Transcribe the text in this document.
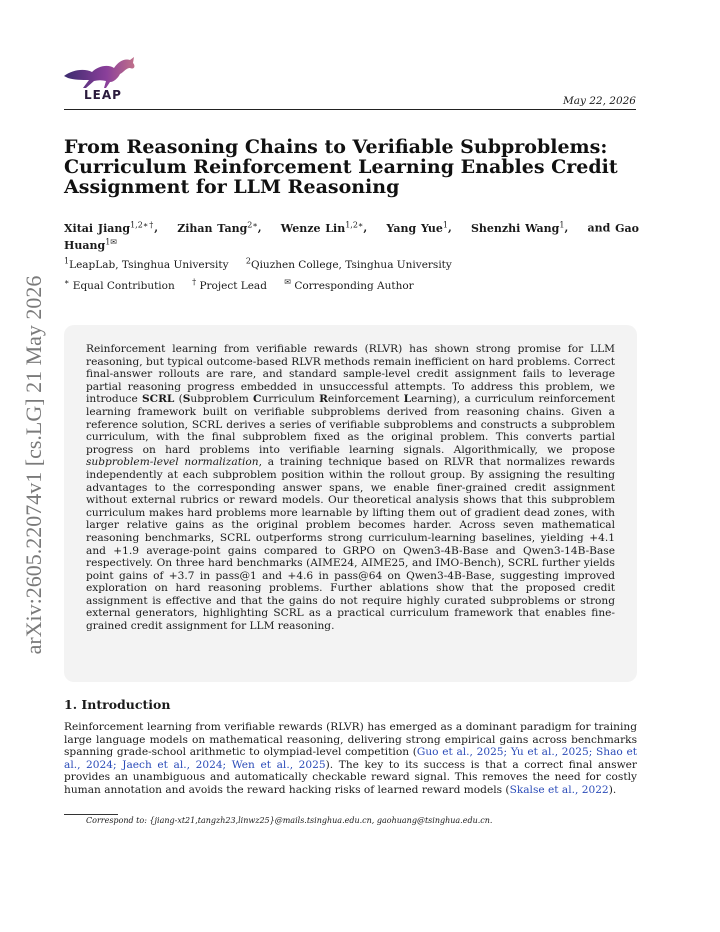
LEAP	May 22, 2026
arXiv:2605.22074v1 [cs.LG] 21 May 2026
From Reasoning Chains to Verifiable Subproblems: Curriculum Reinforcement Learning Enables Credit Assignment for LLM Reasoning
Xitai Jiang$^{1,2∗\dagger}$,    Zihan Tang$^{2∗}$,    Wenze Lin$^{1,2∗}$,    Yang Yue$^1$,    Shenzhi Wang$^1$,    and Gao Huang$^{1✉}$
$^1$LeapLab, Tsinghua University $^2$Qiuzhen College, Tsinghua University
∗ Equal Contribution † Project Lead ✉ Corresponding Author

Reinforcement learning from verifiable rewards (RLVR) has shown strong promise for LLM reasoning, but typical outcome-based RLVR methods remain inefficient on hard problems. Correct final-answer rollouts are rare, and standard sample-level credit assignment fails to leverage partial reasoning progress embedded in unsuccessful attempts. To address this problem, we introduce SCRL (Subproblem Curriculum Reinforcement Learning), a curriculum reinforcement learning framework built on verifiable subproblems derived from reasoning chains. Given a reference solution, SCRL derives a series of verifiable subproblems and constructs a subproblem curriculum, with the final subproblem fixed as the original problem. This converts partial progress on hard problems into verifiable learning signals. Algorithmically, we propose subproblem-level normalization, a training technique based on RLVR that normalizes rewards independently at each subproblem position within the rollout group. By assigning the resulting advantages to the corresponding answer spans, we enable finer-grained credit assignment without external rubrics or reward models. Our theoretical analysis shows that this subproblem curriculum makes hard problems more learnable by lifting them out of gradient dead zones, with larger relative gains as the original problem becomes harder. Across seven mathematical reasoning benchmarks, SCRL outperforms strong curriculum-learning baselines, yielding +4.1 and +1.9 average-point gains compared to GRPO on Qwen3-4B-Base and Qwen3-14B-Base respectively. On three hard benchmarks (AIME24, AIME25, and IMO-Bench), SCRL further yields point gains of +3.7 in pass@1 and +4.6 in pass@64 on Qwen3-4B-Base, suggesting improved exploration on hard reasoning problems. Further ablations show that the proposed credit assignment is effective and that the gains do not require highly curated subproblems or strong external generators, highlighting SCRL as a practical curriculum framework that enables fine-grained credit assignment for LLM reasoning.

1. Introduction

Reinforcement learning from verifiable rewards (RLVR) has emerged as a dominant paradigm for training large language models on mathematical reasoning, delivering strong empirical gains across benchmarks spanning grade-school arithmetic to olympiad-level competition (Guo et al., 2025; Yu et al., 2025; Shao et al., 2024; Jaech et al., 2024; Wen et al., 2025). The key to its success is that a correct final answer provides an unambiguous and automatically checkable reward signal. This removes the need for costly human annotation and avoids the reward hacking risks of learned reward models (Skalse et al., 2022).

Correspond to: {jiang-xt21,tangzh23,linwz25}@mails.tsinghua.edu.cn, gaohuang@tsinghua.edu.cn.
